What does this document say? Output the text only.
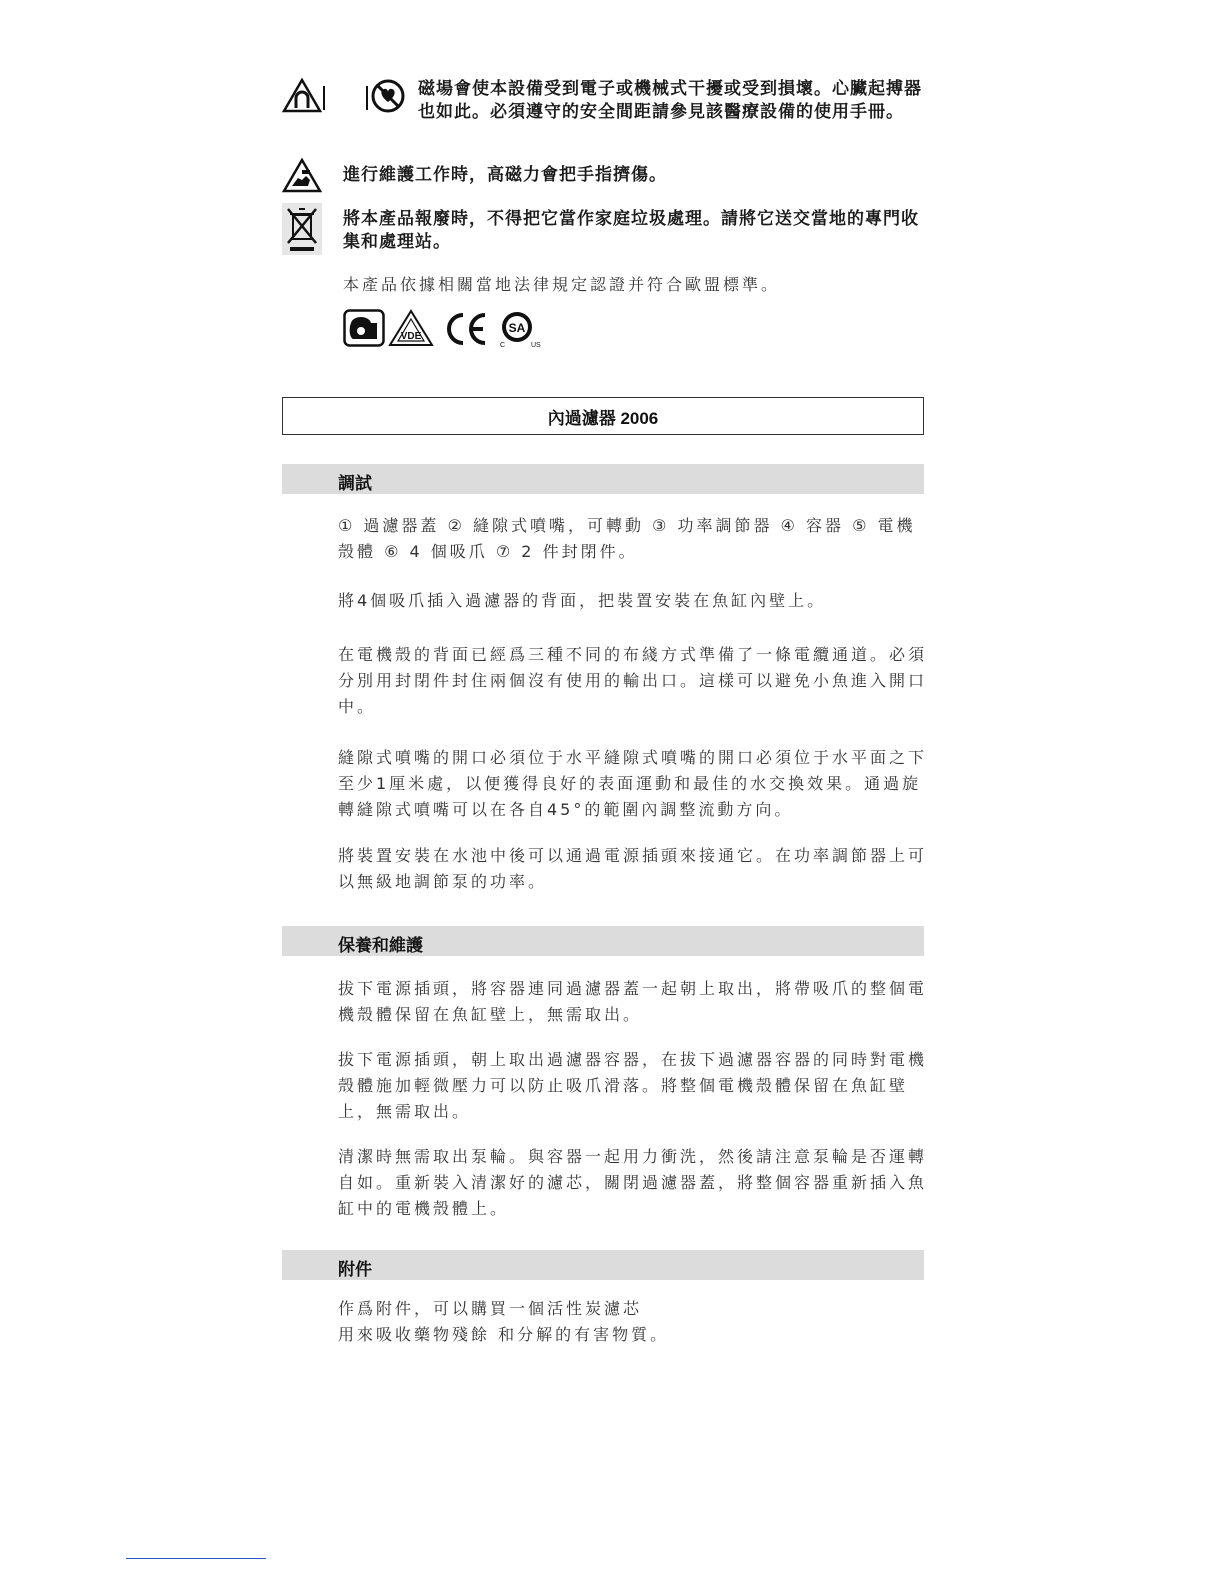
磁場會使本設備受到電子或機械式干擾或受到損壞。心臟起搏器也如此。必須遵守的安全間距請參見該醫療設備的使用手冊。
進行維護工作時，高磁力會把手指擠傷。
將本產品報廢時，不得把它當作家庭垃圾處理。請將它送交當地的專門收集和處理站。
本產品依據相關當地法律規定認證并符合歐盟標準。
VDE
SA
C	US
內過濾器 2006
調試
① 過濾器蓋 ② 縫隙式噴嘴，可轉動 ③ 功率調節器 ④ 容器 ⑤ 電機殼體 ⑥ 4 個吸爪 ⑦ 2 件封閉件。
將4個吸爪插入過濾器的背面，把裝置安裝在魚缸內壁上。
在電機殼的背面已經爲三種不同的布綫方式準備了一條電纜通道。必須分別用封閉件封住兩個沒有使用的輸出口。這樣可以避免小魚進入開口中。
縫隙式噴嘴的開口必須位于水平縫隙式噴嘴的開口必須位于水平面之下至少1厘米處，以便獲得良好的表面運動和最佳的水交換效果。通過旋轉縫隙式噴嘴可以在各自45°的範圍內調整流動方向。
將裝置安裝在水池中後可以通過電源插頭來接通它。在功率調節器上可以無級地調節泵的功率。
保養和維護
拔下電源插頭，將容器連同過濾器蓋一起朝上取出，將帶吸爪的整個電機殼體保留在魚缸壁上，無需取出。
拔下電源插頭，朝上取出過濾器容器，在拔下過濾器容器的同時對電機殼體施加輕微壓力可以防止吸爪滑落。將整個電機殼體保留在魚缸壁上，無需取出。
清潔時無需取出泵輪。與容器一起用力衝洗，然後請注意泵輪是否運轉自如。重新裝入清潔好的濾芯，關閉過濾器蓋，將整個容器重新插入魚缸中的電機殼體上。
附件
作爲附件，可以購買一個活性炭濾芯
用來吸收藥物殘餘 和分解的有害物質。
